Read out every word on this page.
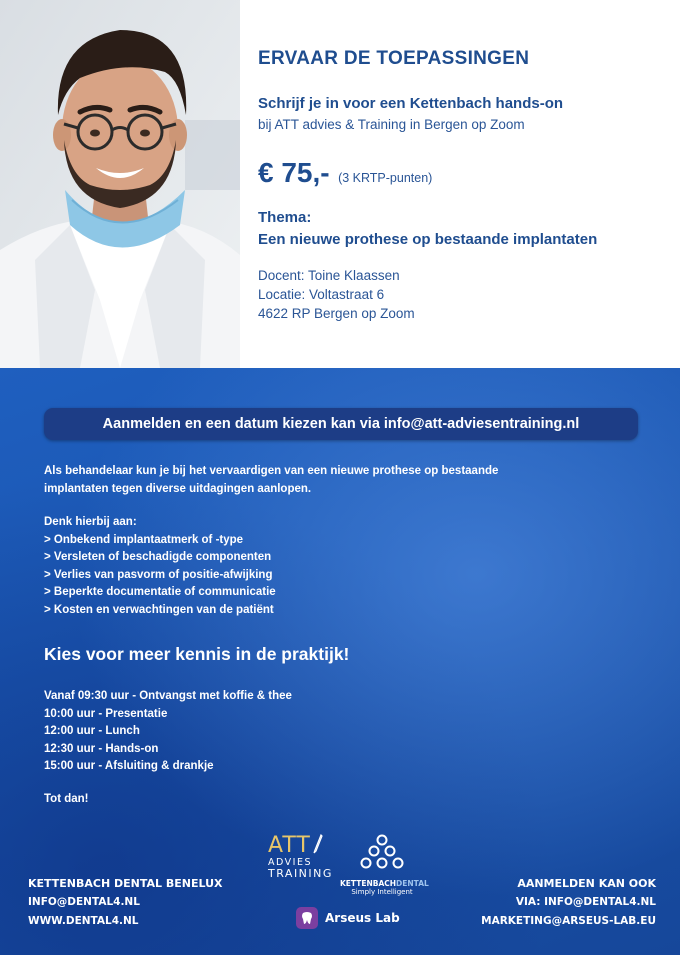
ERVAAR DE TOEPASSINGEN
Schrijf je in voor een Kettenbach hands-on
bij ATT advies & Training in Bergen op Zoom
€ 75,- (3 KRTP-punten)
Thema:
Een nieuwe prothese op bestaande implantaten
Docent: Toine Klaassen
Locatie: Voltastraat 6
4622 RP Bergen op Zoom
Aanmelden en een datum kiezen kan via info@att-adviesentraining.nl
Als behandelaar kun je bij het vervaardigen van een nieuwe prothese op bestaande
implantaten tegen diverse uitdagingen aanlopen.
Denk hierbij aan:
> Onbekend implantaatmerk of -type
> Versleten of beschadigde componenten
> Verlies van pasvorm of positie-afwijking
> Beperkte documentatie of communicatie
> Kosten en verwachtingen van de patiënt
Kies voor meer kennis in de praktijk!
Vanaf 09:30 uur - Ontvangst met koffie & thee
10:00 uur - Presentatie
12:00 uur - Lunch
12:30 uur - Hands-on
15:00 uur - Afsluiting & drankje
Tot dan!
KETTENBACH DENTAL BENELUX
INFO@DENTAL4.NL
WWW.DENTAL4.NL
ATT
ADVIES
TRAINING
KETTENBACHDENTAL
Simply Intelligent
Arseus Lab
AANMELDEN KAN OOK
VIA: INFO@DENTAL4.NL
MARKETING@ARSEUS-LAB.EU
